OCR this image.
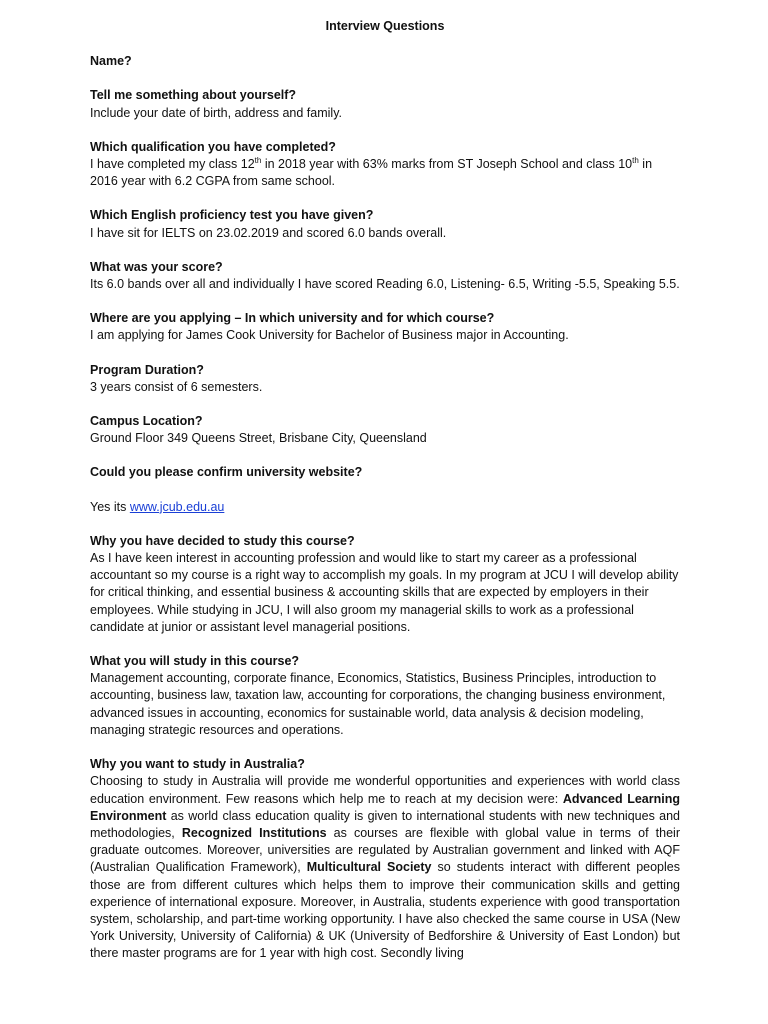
Interview Questions

Name?

Tell me something about yourself?

Include your date of birth, address and family.

Which qualification you have completed?

I have completed my class 12th in 2018 year with 63% marks from ST Joseph School and class 10th in 2016 year with 6.2 CGPA from same school.

Which English proficiency test you have given?

I have sit for IELTS on 23.02.2019 and scored 6.0 bands overall.

What was your score?

Its 6.0 bands over all and individually I have scored Reading 6.0, Listening- 6.5, Writing -5.5, Speaking 5.5.

Where are you applying – In which university and for which course?

I am applying for James Cook University for Bachelor of Business major in Accounting.

Program Duration?

3 years consist of 6 semesters.

Campus Location?

Ground Floor 349 Queens Street, Brisbane City, Queensland

Could you please confirm university website?

Yes its www.jcub.edu.au

Why you have decided to study this course?

As I have keen interest in accounting profession and would like to start my career as a professional accountant so my course is a right way to accomplish my goals. In my program at JCU I will develop ability for critical thinking, and essential business & accounting skills that are expected by employers in their employees. While studying in JCU, I will also groom my managerial skills to work as a professional candidate at junior or assistant level managerial positions.

What you will study in this course?

Management accounting, corporate finance, Economics, Statistics, Business Principles, introduction to accounting, business law, taxation law, accounting for corporations, the changing business environment, advanced issues in accounting, economics for sustainable world, data analysis & decision modeling, managing strategic resources and operations.

Why you want to study in Australia?

Choosing to study in Australia will provide me wonderful opportunities and experiences with world class education environment. Few reasons which help me to reach at my decision were: Advanced Learning Environment as world class education quality is given to international students with new techniques and methodologies, Recognized Institutions as courses are flexible with global value in terms of their graduate outcomes. Moreover, universities are regulated by Australian government and linked with AQF (Australian Qualification Framework), Multicultural Society so students interact with different peoples those are from different cultures which helps them to improve their communication skills and getting experience of international exposure. Moreover, in Australia, students experience with good transportation system, scholarship, and part-time working opportunity. I have also checked the same course in USA (New York University, University of California) & UK (University of Bedforshire & University of East London) but there master programs are for 1 year with high cost. Secondly living
